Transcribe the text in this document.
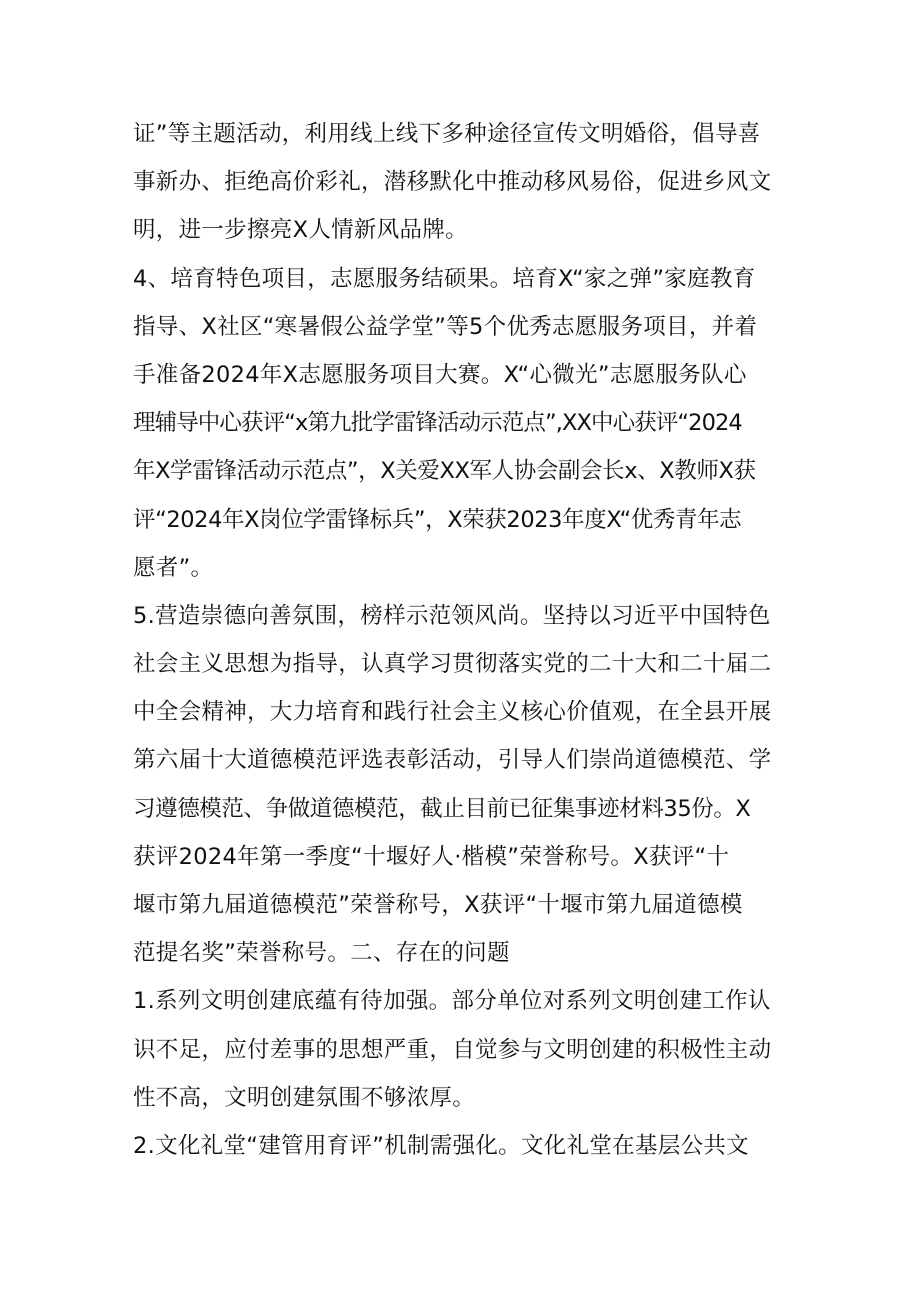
证”等主题活动，利用线上线下多种途径宣传文明婚俗，倡导喜
事新办、拒绝高价彩礼，潜移默化中推动移风易俗，促进乡风文
明，进一步擦亮X人情新风品牌。
4、培育特色项目，志愿服务结硕果。培育X“家之弹”家庭教育
指导、X社区“寒暑假公益学堂”等5个优秀志愿服务项目，并着
手准备2024年X志愿服务项目大赛。X“心微光”志愿服务队心
理辅导中心获评“x第九批学雷锋活动示范点”,XX中心获评“2024
年X学雷锋活动示范点”，X关爱XX军人协会副会长x、X教师X获
评“2024年X岗位学雷锋标兵”，X荣获2023年度X“优秀青年志
愿者”。
5.营造崇德向善氛围，榜样示范领风尚。坚持以习近平中国特色
社会主义思想为指导，认真学习贯彻落实党的二十大和二十届二
中全会精神，大力培育和践行社会主义核心价值观，在全县开展
第六届十大道德模范评选表彰活动，引导人们崇尚道德模范、学
习遵德模范、争做道德模范，截止目前已征集事迹材料35份。X
获评2024年第一季度“十堰好人·楷模”荣誉称号。X获评“十
堰市第九届道德模范”荣誉称号，X获评“十堰市第九届道德模
范提名奖”荣誉称号。二、存在的问题
1.系列文明创建底蕴有待加强。部分单位对系列文明创建工作认
识不足，应付差事的思想严重，自觉参与文明创建的积极性主动
性不高，文明创建氛围不够浓厚。
2.文化礼堂“建管用育评”机制需强化。文化礼堂在基层公共文
